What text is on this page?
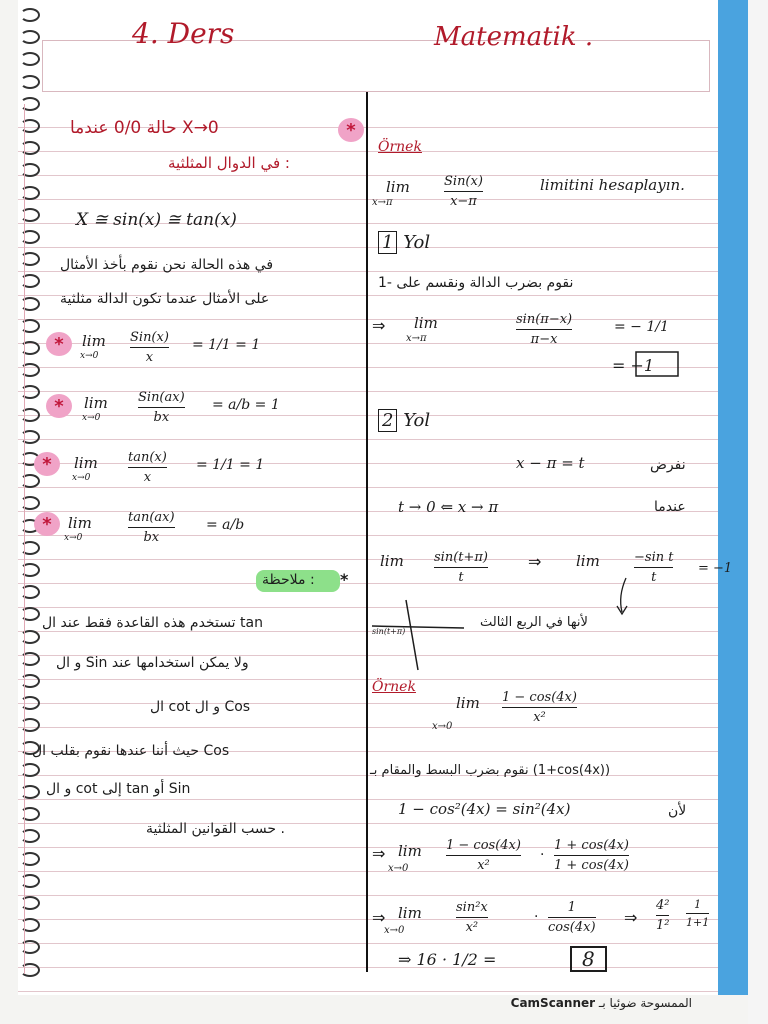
4. Ders	Matematik .
*
حالة 0/0 عندما X→0
في الدوال المثلثية :
X ≅ sin(x) ≅ tan(x)
في هذه الحالة نحن نقوم بأخذ الأمثال
على الأمثال عندما تكون الدالة مثلثية
*	lim
x→0
Sin(x)
x
= 1/1 = 1
*	lim
x→0
Sin(ax)
bx
= a/b = 1
*	lim
x→0
tan(x)
x
= 1/1 = 1
*	lim
x→0
tan(ax)
bx
= a/b
ملاحظة : *
تستخدم هذه القاعدة فقط عند ال tan
و ال Sin ولا يمكن استخدامها عند
ال cot و ال Cos
حيث أننا عندها نقوم بقلب ال Cos
و ال cot إلى tan أو Sin
حسب القوانين المثلثية .
Örnek
lim
x→π
Sin(x)
x−π
limitini hesaplayın.
1 Yol
نقوم بضرب الدالة ونقسم على -1
⇒ lim
x→π
sin(π−x)
π−x
= − 1/1
= −1
2 Yol
x − π = t	نفرض
t → 0 ⇐ x → π	عندما
lim sin(t+π)
t
⇒ lim	−sin t
t
= −1
لأنها في الربع الثالث
sin(t+π)
Örnek
lim
x→0
1 − cos(4x)
x²
نقوم بضرب البسط والمقام بـ (1+cos(4x))
1 − cos²(4x) = sin²(4x)	لأن
⇒ lim
x→0
1 − cos(4x)
x²
·
1 + cos(4x)
1 + cos(4x)
⇒ lim
x→0
sin²x
x²
·
1
cos(4x)
⇒
4²
1²
1
1+1
⇒ 16 · 1/2 =	8
CamScanner الممسوحة ضوئيا بـ
